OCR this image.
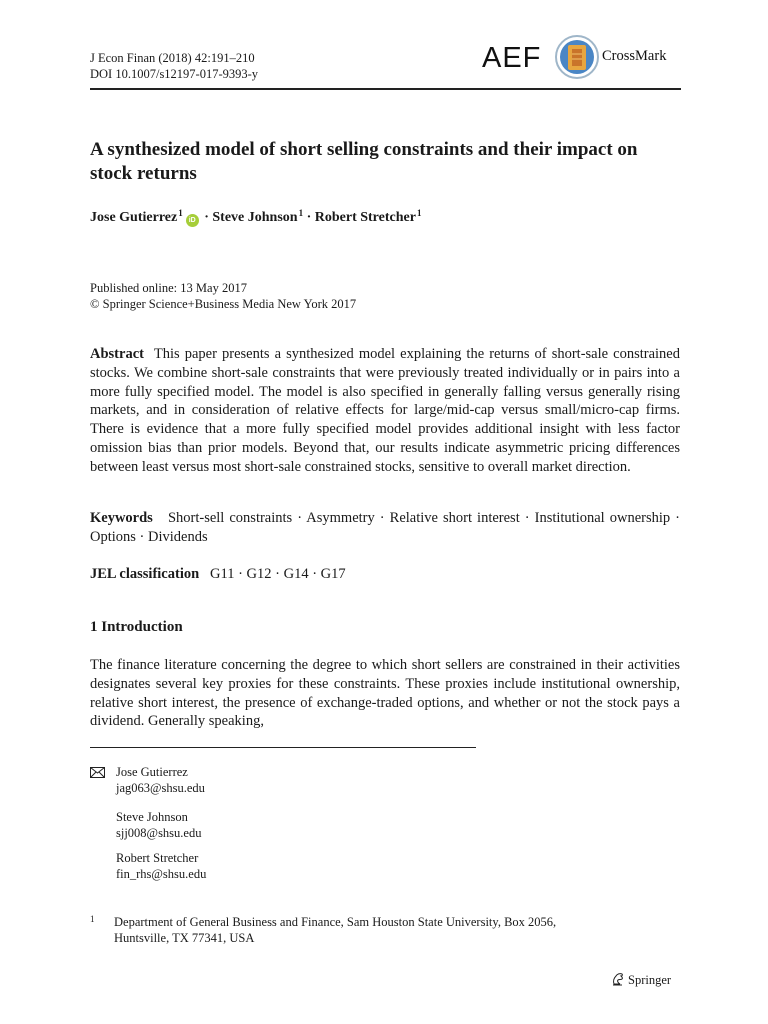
J Econ Finan (2018) 42:191–210
DOI 10.1007/s12197-017-9393-y	AEF	CrossMark
A synthesized model of short selling constraints and their impact on stock returns
Jose Gutierrez$^1$iD · Steve Johnson$^1$ · Robert Stretcher$^1$
Published online: 13 May 2017
© Springer Science+Business Media New York 2017
Abstract This paper presents a synthesized model explaining the returns of short-sale constrained stocks. We combine short-sale constraints that were previously treated individually or in pairs into a more fully specified model. The model is also specified in generally falling versus generally rising markets, and in consideration of relative effects for large/mid-cap versus small/micro-cap firms. There is evidence that a more fully specified model provides additional insight with less factor omission bias than prior models. Beyond that, our results indicate asymmetric pricing differences between least versus most short-sale constrained stocks, sensitive to overall market direction.
Keywords Short-sell constraints · Asymmetry · Relative short interest · Institutional ownership · Options · Dividends
JEL classification G11 · G12 · G14 · G17
1 Introduction
The finance literature concerning the degree to which short sellers are constrained in their activities designates several key proxies for these constraints. These proxies include institutional ownership, relative short interest, the presence of exchange-traded options, and whether or not the stock pays a dividend. Generally speaking,
Jose Gutierrez
jag063@shsu.edu
Steve Johnson
sjj008@shsu.edu
Robert Stretcher
fin_rhs@shsu.edu
1 Department of General Business and Finance, Sam Houston State University, Box 2056,
Huntsville, TX 77341, USA
Springer
